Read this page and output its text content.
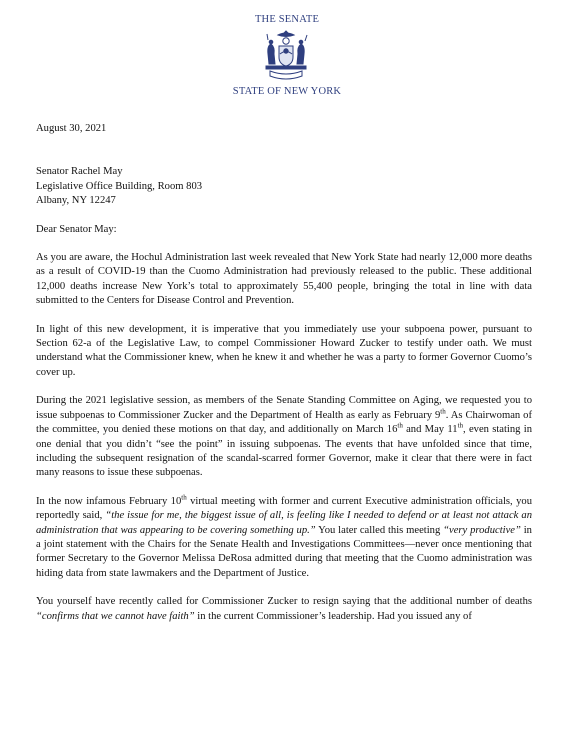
THE SENATE
STATE OF NEW YORK

August 30, 2021

Senator Rachel May

Legislative Office Building, Room 803

Albany, NY 12247

Dear Senator May:

As you are aware, the Hochul Administration last week revealed that New York State had nearly 12,000 more deaths as a result of COVID-19 than the Cuomo Administration had previously released to the public. These additional 12,000 deaths increase New York’s total to approximately 55,400 people, bringing the total in line with data submitted to the Centers for Disease Control and Prevention.

In light of this new development, it is imperative that you immediately use your subpoena power, pursuant to Section 62-a of the Legislative Law, to compel Commissioner Howard Zucker to testify under oath. We must understand what the Commissioner knew, when he knew it and whether he was a party to former Governor Cuomo’s cover up.

During the 2021 legislative session, as members of the Senate Standing Committee on Aging, we requested you to issue subpoenas to Commissioner Zucker and the Department of Health as early as February 9th. As Chairwoman of the committee, you denied these motions on that day, and additionally on March 16th and May 11th, even stating in one denial that you didn’t “see the point” in issuing subpoenas. The events that have unfolded since that time, including the subsequent resignation of the scandal-scarred former Governor, make it clear that there were in fact many reasons to issue these subpoenas.

In the now infamous February 10th virtual meeting with former and current Executive administration officials, you reportedly said, “the issue for me, the biggest issue of all, is feeling like I needed to defend or at least not attack an administration that was appearing to be covering something up.” You later called this meeting “very productive” in a joint statement with the Chairs for the Senate Health and Investigations Committees—never once mentioning that former Secretary to the Governor Melissa DeRosa admitted during that meeting that the Cuomo administration was hiding data from state lawmakers and the Department of Justice.

You yourself have recently called for Commissioner Zucker to resign saying that the additional number of deaths “confirms that we cannot have faith” in the current Commissioner’s leadership. Had you issued any of
